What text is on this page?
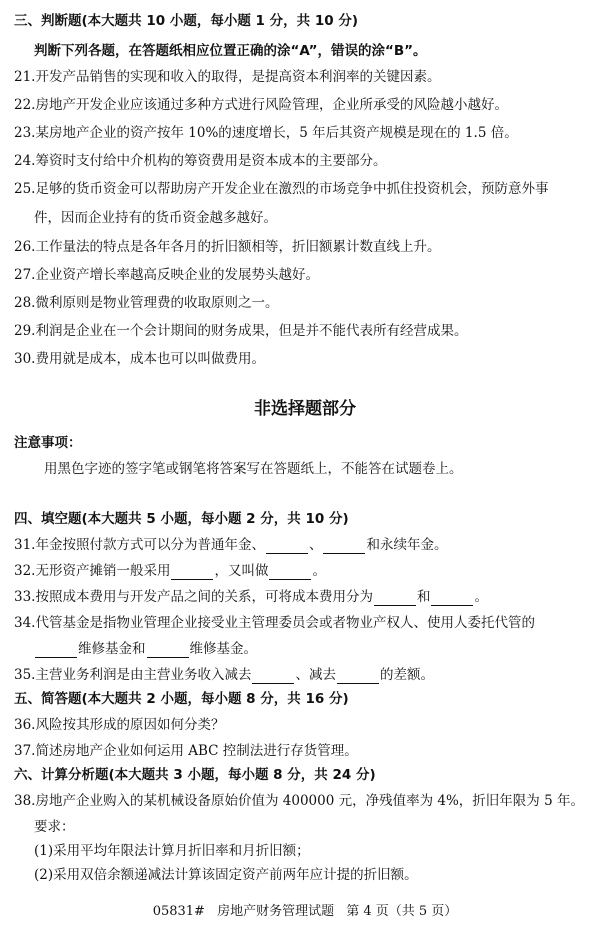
三、判断题(本大题共 10 小题，每小题 1 分，共 10 分)
判断下列各题，在答题纸相应位置正确的涂“A”，错误的涂“B”。
21.开发产品销售的实现和收入的取得，是提高资本利润率的关键因素。
22.房地产开发企业应该通过多种方式进行风险管理，企业所承受的风险越小越好。
23.某房地产企业的资产按年 10%的速度增长，5 年后其资产规模是现在的 1.5 倍。
24.筹资时支付给中介机构的筹资费用是资本成本的主要部分。
25.足够的货币资金可以帮助房产开发企业在激烈的市场竞争中抓住投资机会，预防意外事
件，因而企业持有的货币资金越多越好。
26.工作量法的特点是各年各月的折旧额相等，折旧额累计数直线上升。
27.企业资产增长率越高反映企业的发展势头越好。
28.微利原则是物业管理费的收取原则之一。
29.利润是企业在一个会计期间的财务成果，但是并不能代表所有经营成果。
30.费用就是成本，成本也可以叫做费用。
非选择题部分
注意事项：
用黑色字迹的签字笔或钢笔将答案写在答题纸上，不能答在试题卷上。
四、填空题(本大题共 5 小题，每小题 2 分，共 10 分)
31.年金按照付款方式可以分为普通年金、	、	和永续年金。
32.无形资产摊销一般采用	，又叫做	。
33.按照成本费用与开发产品之间的关系，可将成本费用分为	和	。
34.代管基金是指物业管理企业接受业主管理委员会或者物业产权人、使用人委托代管的
维修基金和	维修基金。
35.主营业务利润是由主营业务收入减去	、减去	的差额。
五、简答题(本大题共 2 小题，每小题 8 分，共 16 分)
36.风险按其形成的原因如何分类？
37.简述房地产企业如何运用 ABC 控制法进行存货管理。
六、计算分析题(本大题共 3 小题，每小题 8 分，共 24 分)
38.房地产企业购入的某机械设备原始价值为 400000 元，净残值率为 4%，折旧年限为 5 年。
要求：
(1)采用平均年限法计算月折旧率和月折旧额；
(2)采用双倍余额递减法计算该固定资产前两年应计提的折旧额。
05831# 房地产财务管理试题 第 4 页（共 5 页）
